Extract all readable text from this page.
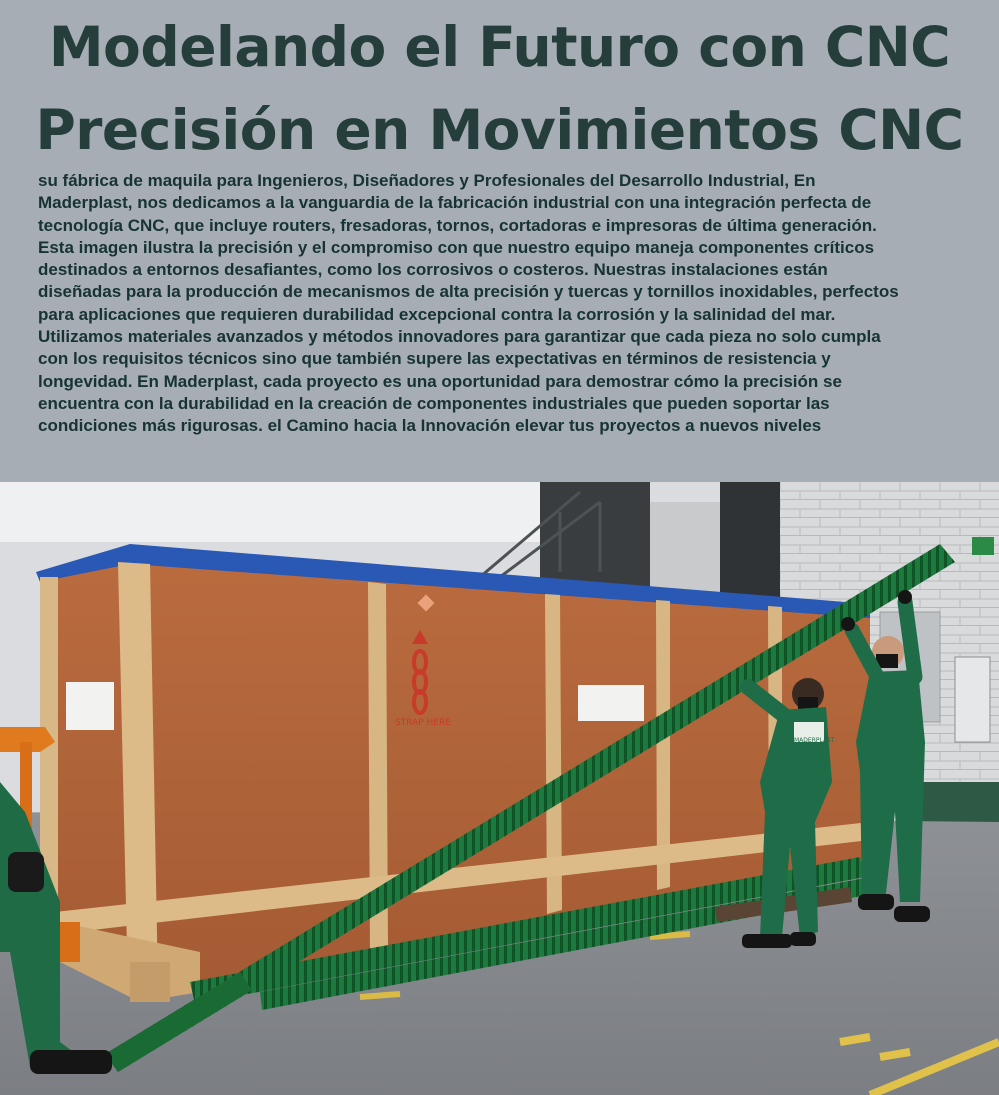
Modelando el Futuro con CNC
Precisión en Movimientos CNC
su fábrica de maquila para Ingenieros, Diseñadores y Profesionales del Desarrollo Industrial, En
Maderplast, nos dedicamos a la vanguardia de la fabricación industrial con una integración perfecta de
tecnología CNC, que incluye routers, fresadoras, tornos, cortadoras e impresoras de última generación.
Esta imagen ilustra la precisión y el compromiso con que nuestro equipo maneja componentes críticos
destinados a entornos desafiantes, como los corrosivos o costeros. Nuestras instalaciones están
diseñadas para la producción de mecanismos de alta precisión y tuercas y tornillos inoxidables, perfectos
para aplicaciones que requieren durabilidad excepcional contra la corrosión y la salinidad del mar.
Utilizamos materiales avanzados y métodos innovadores para garantizar que cada pieza no solo cumpla
con los requisitos técnicos sino que también supere las expectativas en términos de resistencia y
longevidad. En Maderplast, cada proyecto es una oportunidad para demostrar cómo la precisión se
encuentra con la durabilidad en la creación de componentes industriales que pueden soportar las
condiciones más rigurosas. el Camino hacia la Innovación elevar tus proyectos a nuevos niveles
STRAP HERE
MADERPLAST
